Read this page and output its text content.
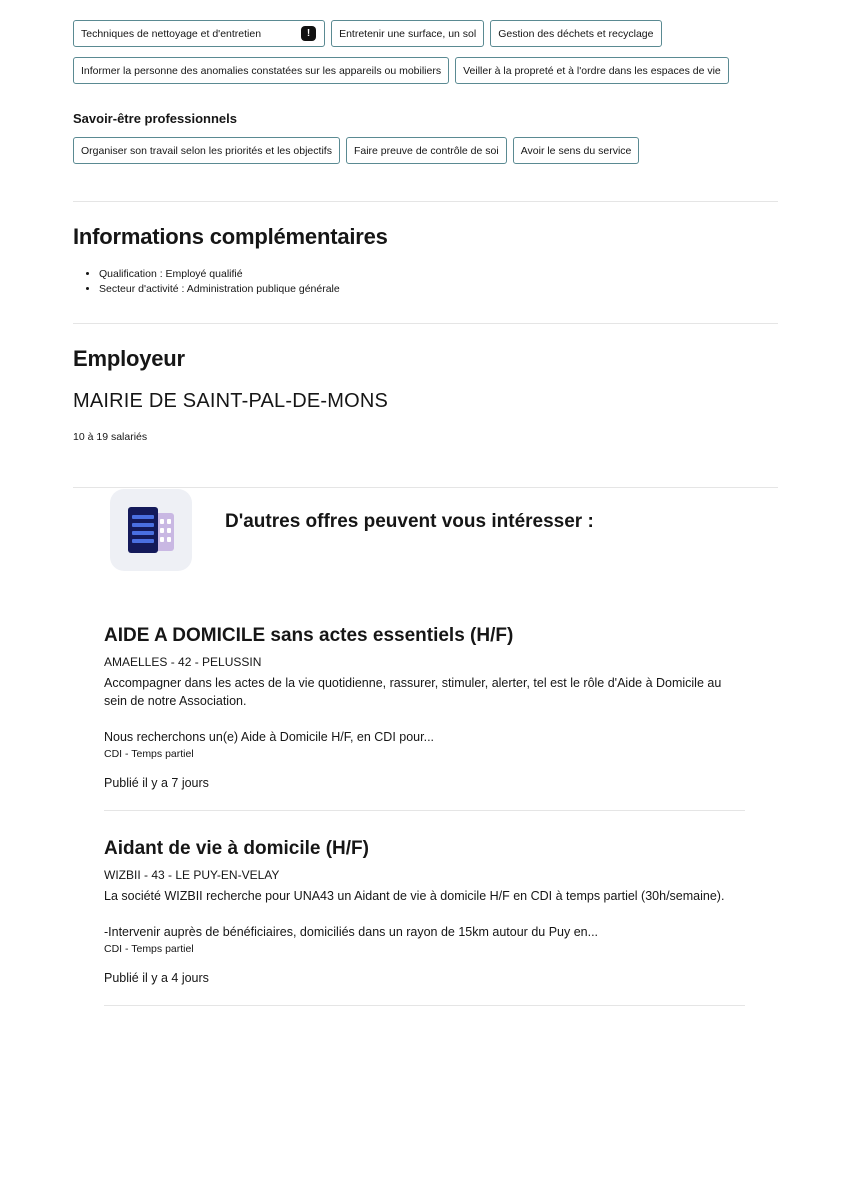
Techniques de nettoyage et d'entretien	!	Entretenir une surface, un sol	Gestion des déchets et recyclage
Informer la personne des anomalies constatées sur les appareils ou mobiliers	Veiller à la propreté et à l'ordre dans les espaces de vie
Savoir-être professionnels
Organiser son travail selon les priorités et les objectifs	Faire preuve de contrôle de soi	Avoir le sens du service
Informations complémentaires
• Qualification : Employé qualifié
• Secteur d'activité : Administration publique générale
Employeur
MAIRIE DE SAINT-PAL-DE-MONS
10 à 19 salariés
D'autres offres peuvent vous intéresser :
AIDE A DOMICILE sans actes essentiels (H/F)
AMAELLES - 42 - PELUSSIN
Accompagner dans les actes de la vie quotidienne, rassurer, stimuler, alerter, tel est le rôle d'Aide à Domicile au sein de notre Association.

Nous recherchons un(e) Aide à Domicile H/F, en CDI pour...
CDI - Temps partiel
Publié il y a 7 jours
Aidant de vie à domicile (H/F)
WIZBII - 43 - LE PUY-EN-VELAY
La société WIZBII recherche pour UNA43 un Aidant de vie à domicile H/F en CDI à temps partiel (30h/semaine).

-Intervenir auprès de bénéficiaires, domiciliés dans un rayon de 15km autour du Puy en...
CDI - Temps partiel
Publié il y a 4 jours
